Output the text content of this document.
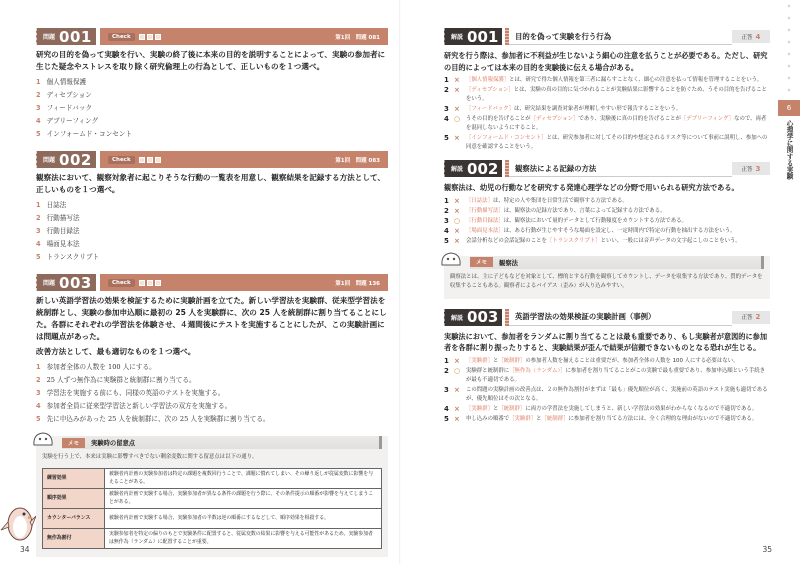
問題 001	Check	第1回　問題 081

研究の目的を偽って実験を行い、実験の終了後に本来の目的を説明することによって、実験の参加者に生じた疑念やストレスを取り除く研究倫理上の行為として、正しいものを１つ選べ。

1 個人情報保護
2 ディセプション
3 フィードバック
4 デブリーフィング
5 インフォームド・コンセント
問題 002	Check	第1回　問題 083

観察法において、観察対象者に起こりそうな行動の一覧表を用意し、観察結果を記録する方法として、正しいものを１つ選べ。

1 日誌法
2 行動描写法
3 行動目録法
4 場面見本法
5 トランスクリプト
問題 003	Check	第1回　問題 136

新しい英語学習法の効果を検証するために実験計画を立てた。新しい学習法を実験群、従来型学習法を統制群とし、実験の参加申込順に最初の 25 人を実験群に、次の 25 人を統制群に割り当てることにした。各群にそれぞれの学習法を体験させ、４週間後にテストを実施することにしたが、この実験計画には問題点があった。

改善方法として、最も適切なものを１つ選べ。

1 参加者全体の人数を 100 人にする。
2 25 人ずつ無作為に実験群と統制群に割り当てる。
3 学習法を実施する前にも、同様の英語のテストを実施する。
4 参加者全員に従来型学習法と新しい学習法の双方を実施する。
5 先に申込みがあった 25 人を統制群に、次の 25 人を実験群に割り当てる。
メモ	実験時の留意点

実験を行う上で、本来は実験に影響すべきでない剰余変数に関する留意点は以下の通り。

練習効果	被験者内計画の実験参加者は特定の課題を複数回行うことで、課題に慣れてしまい、その繰り返しが従属変数に影響を与えることがある。
順序効果	被験者内計画で実験する場合、実験参加者が異なる条件の課題を行う際に、その条件提示の順番が影響を与えてしまうことがある。
カウンターバランス	被験者内計画で実験する場合、実験参加者の半数は逆の順番にするなどして、順序効果を相殺する。
無作為割付	実験参加者を特定の偏りのもとで実験条件に配置すると、従属変数の結果に影響を与える可能性があるため、実験参加者は無作為（ランダム）に配置することが重要。
34
6
心理学に関する実験
解説 001	目的を偽って実験を行う行為	正答 4

研究を行う際は、参加者に不利益が生じないよう細心の注意を払うことが必要である。ただし、研究の目的によっては本来の目的を実験後に伝える場合がある。

1 ×	［個人情報保護］とは、研究で得た個人情報を第三者に漏らすことなく、細心の注意を払って情報を管理することをいう。
2 ×	［ディセプション］とは、実験の真の目的に気づかれることが実験結果に影響することを防ぐため、うその目的を告げることをいう。
3 ×	［フィードバック］は、研究結果を調査対象者が理解しやすい形で報告することをいう。
4 ○	うその目的を告げることが［ディセプション］であり、実験後に真の目的を告げることが［デブリーフィング］なので、両者を混同しないようにすること。
5 ×	［インフォームド・コンセント］とは、研究参加者に対してその目的や想定されるリスク等について事前に説明し、参加への同意を確認することをいう。
解説 002	観察法による記録の方法	正答 3

観察法は、幼児の行動などを研究する発達心理学などの分野で用いられる研究方法である。

1 ×	［日誌法］は、特定の人や集団を日常生活で観察する方法である。
2 ×	［行動描写法］は、観察法の記録方法であり、言葉によって記録する方法である。
3 ○	［行動目録法］は、観察法において量的データとして行動頻度をカウントする方法である。
4 ×	［場面見本法］は、ある行動が生じやすそうな場面を設定し、一定時間内で特定の行動を抽出する方法をいう。
5 ×	会話分析などの会話記録のことを［トランスクリプト］といい、一般には音声データの文字起こしのことをいう。
メモ	観察法

観察法とは、主に子どもなどを対象として、標的とする行動を観察してカウントし、データを収集する方法であり、質的データを収集することもある。観察者によるバイアス（歪み）が入り込みやすい。

解説 003	英語学習法の効果検証の実験計画（事例）	正答 2

実験法において、参加者をランダムに割り当てることは最も重要であり、もし実験者が意図的に参加者を各群に割り振ったりすると、実験結果が歪んで結果が信頼できないものとなる恐れが生じる。

1 ×	［実験群］と［統制群］の参加者人数を揃えることは重要だが、参加者全体の人数を 100 人にする必要はない。
2 ○	実験群と統制群に［無作為（ランダム）］に参加者を割り当てることがこの実験で最も重要であり、参加申込順という手続きが最も不適切である。
3 ×	この問題の実験計画の改善点は、２の無作為割付がまずは「最も」優先順位が高く、実施前の英語のテスト実施も適切であるが、優先順位はその次となる。
4 ×	［実験群］と［統制群］に両方の学習法を実施してしまうと、新しい学習法の効果がわからなくなるので不適切である。
5 ×	申し込みの順番で［実験群］と［統制群］に参加者を割り当てる方法には、全く合理的な理由がないので不適切である。
35
